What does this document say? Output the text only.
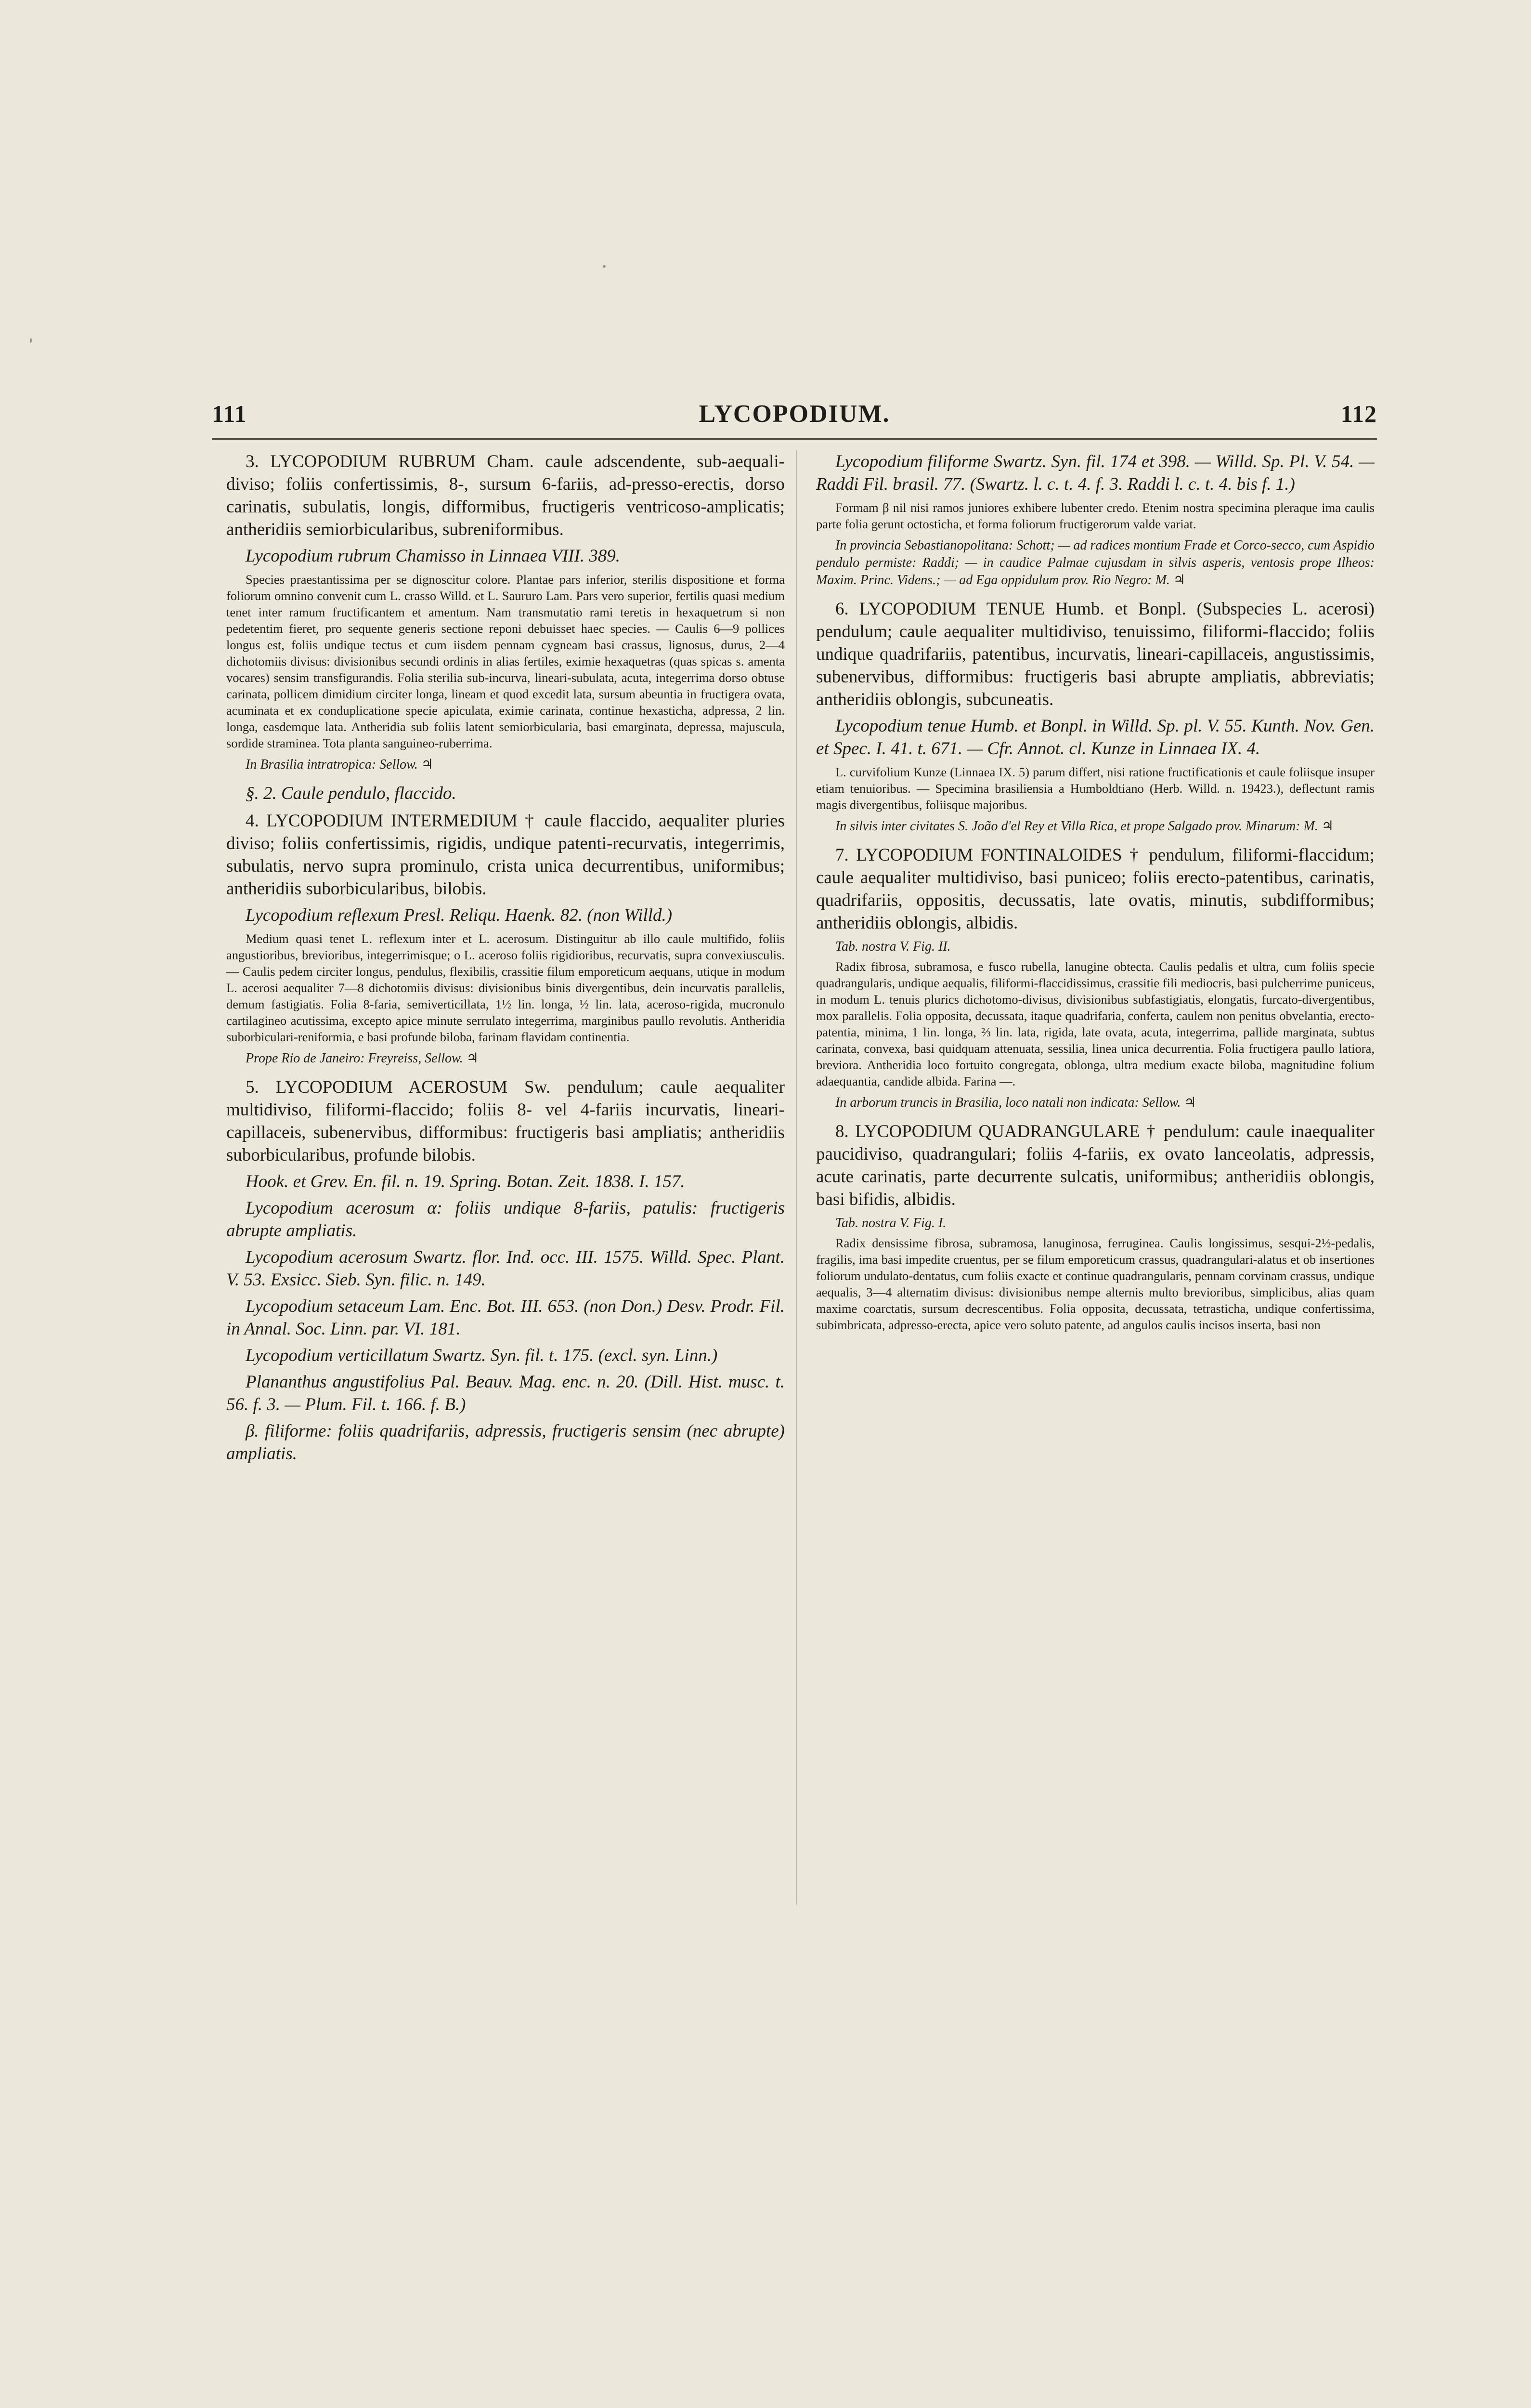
111	LYCOPODIUM.	112

3. LYCOPODIUM RUBRUM Cham. caule adscendente, sub-aequali-diviso; foliis confertissimis, 8-, sursum 6-fariis, ad-presso-erectis, dorso carinatis, subulatis, longis, difformibus, fructigeris ventricoso-amplicatis; antheridiis semiorbicularibus, subreniformibus.

Lycopodium rubrum Chamisso in Linnaea VIII. 389.

Species praestantissima per se dignoscitur colore. Plantae pars inferior, sterilis dispositione et forma foliorum omnino convenit cum L. crasso Willd. et L. Saururo Lam. Pars vero superior, fertilis quasi medium tenet inter ramum fructificantem et amentum. Nam transmutatio rami teretis in hexaquetrum si non pedetentim fieret, pro sequente generis sectione reponi debuisset haec species. — Caulis 6—9 pollices longus est, foliis undique tectus et cum iisdem pennam cygneam basi crassus, lignosus, durus, 2—4 dichotomiis divisus: divisionibus secundi ordinis in alias fertiles, eximie hexaquetras (quas spicas s. amenta vocares) sensim transfigurandis. Folia sterilia sub-incurva, lineari-subulata, acuta, integerrima dorso obtuse carinata, pollicem dimidium circiter longa, lineam et quod excedit lata, sursum abeuntia in fructigera ovata, acuminata et ex conduplicatione specie apiculata, eximie carinata, continue hexasticha, adpressa, 2 lin. longa, easdemque lata. Antheridia sub foliis latent semiorbicularia, basi emarginata, depressa, majuscula, sordide straminea. Tota planta sanguineo-ruberrima.

In Brasilia intratropica: Sellow. ♃

§. 2. Caule pendulo, flaccido.

4. LYCOPODIUM INTERMEDIUM † caule flaccido, aequaliter pluries diviso; foliis confertissimis, rigidis, undique patenti-recurvatis, integerrimis, subulatis, nervo supra prominulo, crista unica decurrentibus, uniformibus; antheridiis suborbicularibus, bilobis.

Lycopodium reflexum Presl. Reliqu. Haenk. 82. (non Willd.)

Medium quasi tenet L. reflexum inter et L. acerosum. Distinguitur ab illo caule multifido, foliis angustioribus, brevioribus, integerrimisque; o L. aceroso foliis rigidioribus, recurvatis, supra convexiusculis. — Caulis pedem circiter longus, pendulus, flexibilis, crassitie filum emporeticum aequans, utique in modum L. acerosi aequaliter 7—8 dichotomiis divisus: divisionibus binis divergentibus, dein incurvatis parallelis, demum fastigiatis. Folia 8-faria, semiverticillata, 1½ lin. longa, ½ lin. lata, aceroso-rigida, mucronulo cartilagineo acutissima, excepto apice minute serrulato integerrima, marginibus paullo revolutis. Antheridia suborbiculari-reniformia, e basi profunde biloba, farinam flavidam continentia.

Prope Rio de Janeiro: Freyreiss, Sellow. ♃

5. LYCOPODIUM ACEROSUM Sw. pendulum; caule aequaliter multidiviso, filiformi-flaccido; foliis 8- vel 4-fariis incurvatis, lineari-capillaceis, subenervibus, difformibus: fructigeris basi ampliatis; antheridiis suborbicularibus, profunde bilobis.

Hook. et Grev. En. fil. n. 19. Spring. Botan. Zeit. 1838. I. 157.

Lycopodium acerosum α: foliis undique 8-fariis, patulis: fructigeris abrupte ampliatis.

Lycopodium acerosum Swartz. flor. Ind. occ. III. 1575. Willd. Spec. Plant. V. 53. Exsicc. Sieb. Syn. filic. n. 149.

Lycopodium setaceum Lam. Enc. Bot. III. 653. (non Don.) Desv. Prodr. Fil. in Annal. Soc. Linn. par. VI. 181.

Lycopodium verticillatum Swartz. Syn. fil. t. 175. (excl. syn. Linn.)

Plananthus angustifolius Pal. Beauv. Mag. enc. n. 20. (Dill. Hist. musc. t. 56. f. 3. — Plum. Fil. t. 166. f. B.)

β. filiforme: foliis quadrifariis, adpressis, fructigeris sensim (nec abrupte) ampliatis.

Lycopodium filiforme Swartz. Syn. fil. 174 et 398. — Willd. Sp. Pl. V. 54. — Raddi Fil. brasil. 77. (Swartz. l. c. t. 4. f. 3. Raddi l. c. t. 4. bis f. 1.)

Formam β nil nisi ramos juniores exhibere lubenter credo. Etenim nostra specimina pleraque ima caulis parte folia gerunt octosticha, et forma foliorum fructigerorum valde variat.

In provincia Sebastianopolitana: Schott; — ad radices montium Frade et Corco-secco, cum Aspidio pendulo permiste: Raddi; — in caudice Palmae cujusdam in silvis asperis, ventosis prope Ilheos: Maxim. Princ. Videns.; — ad Ega oppidulum prov. Rio Negro: M. ♃

6. LYCOPODIUM TENUE Humb. et Bonpl. (Subspecies L. acerosi) pendulum; caule aequaliter multidiviso, tenuissimo, filiformi-flaccido; foliis undique quadrifariis, patentibus, incurvatis, lineari-capillaceis, angustissimis, subenervibus, difformibus: fructigeris basi abrupte ampliatis, abbreviatis; antheridiis oblongis, subcuneatis.

Lycopodium tenue Humb. et Bonpl. in Willd. Sp. pl. V. 55. Kunth. Nov. Gen. et Spec. I. 41. t. 671. — Cfr. Annot. cl. Kunze in Linnaea IX. 4.

L. curvifolium Kunze (Linnaea IX. 5) parum differt, nisi ratione fructificationis et caule foliisque insuper etiam tenuioribus. — Specimina brasiliensia a Humboldtiano (Herb. Willd. n. 19423.), deflectunt ramis magis divergentibus, foliisque majoribus.

In silvis inter civitates S. João d'el Rey et Villa Rica, et prope Salgado prov. Minarum: M. ♃

7. LYCOPODIUM FONTINALOIDES † pendulum, filiformi-flaccidum; caule aequaliter multidiviso, basi puniceo; foliis erecto-patentibus, carinatis, quadrifariis, oppositis, decussatis, late ovatis, minutis, subdifformibus; antheridiis oblongis, albidis.

Tab. nostra V. Fig. II.

Radix fibrosa, subramosa, e fusco rubella, lanugine obtecta. Caulis pedalis et ultra, cum foliis specie quadrangularis, undique aequalis, filiformi-flaccidissimus, crassitie fili mediocris, basi pulcherrime puniceus, in modum L. tenuis plurics dichotomo-divisus, divisionibus subfastigiatis, elongatis, furcato-divergentibus, mox parallelis. Folia opposita, decussata, itaque quadrifaria, conferta, caulem non penitus obvelantia, erecto-patentia, minima, 1 lin. longa, ⅔ lin. lata, rigida, late ovata, acuta, integerrima, pallide marginata, subtus carinata, convexa, basi quidquam attenuata, sessilia, linea unica decurrentia. Folia fructigera paullo latiora, breviora. Antheridia loco fortuito congregata, oblonga, ultra medium exacte biloba, magnitudine folium adaequantia, candide albida. Farina —.

In arborum truncis in Brasilia, loco natali non indicata: Sellow. ♃

8. LYCOPODIUM QUADRANGULARE † pendulum: caule inaequaliter paucidiviso, quadrangulari; foliis 4-fariis, ex ovato lanceolatis, adpressis, acute carinatis, parte decurrente sulcatis, uniformibus; antheridiis oblongis, basi bifidis, albidis.

Tab. nostra V. Fig. I.

Radix densissime fibrosa, subramosa, lanuginosa, ferruginea. Caulis longissimus, sesqui-2½-pedalis, fragilis, ima basi impedite cruentus, per se filum emporeticum crassus, quadrangulari-alatus et ob insertiones foliorum undulato-dentatus, cum foliis exacte et continue quadrangularis, pennam corvinam crassus, undique aequalis, 3—4 alternatim divisus: divisionibus nempe alternis multo brevioribus, simplicibus, alias quam maxime coarctatis, sursum decrescentibus. Folia opposita, decussata, tetrasticha, undique confertissima, subimbricata, adpresso-erecta, apice vero soluto patente, ad angulos caulis incisos inserta, basi non
